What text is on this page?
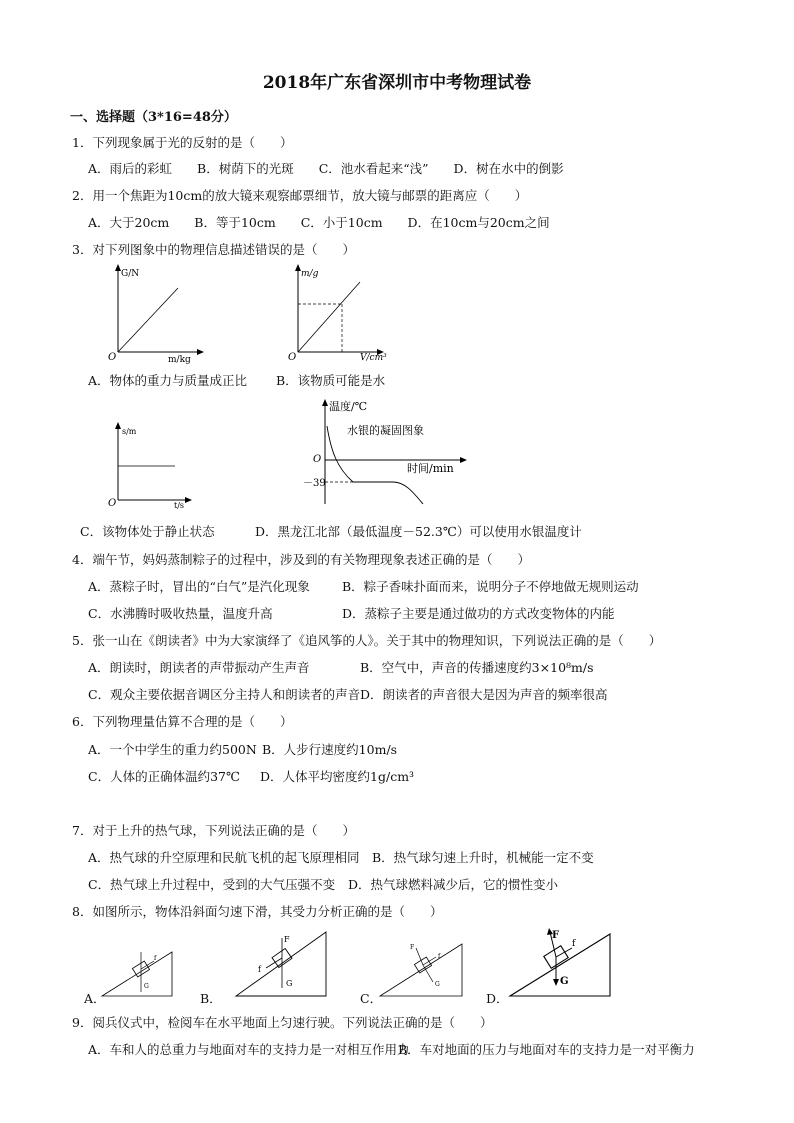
2018年广东省深圳市中考物理试卷
一、选择题（3*16=48分）
1．下列现象属于光的反射的是（　　）
A．雨后的彩虹　　B．树荫下的光斑　　C．池水看起来“浅”　　D．树在水中的倒影
2．用一个焦距为10cm的放大镜来观察邮票细节，放大镜与邮票的距离应（　　）
A．大于20cm　　B．等于10cm　　C．小于10cm　　D．在10cm与20cm之间
3．对下列图象中的物理信息描述错误的是（　　）
G/N
m/kg
O
m/g
V/cm³
O
A．物体的重力与质量成正比 B．该物质可能是水
s/m
t/s
O
温度/℃
水银的凝固图象
时间/min
O
－39
C．该物体处于静止状态	D．黑龙江北部（最低温度－52.3℃）可以使用水银温度计
4．端午节，妈妈蒸制粽子的过程中，涉及到的有关物理现象表述正确的是（　　）
A．蒸粽子时，冒出的“白气”是汽化现象	B．粽子香味扑面而来，说明分子不停地做无规则运动
C．水沸腾时吸收热量，温度升高	D．蒸粽子主要是通过做功的方式改变物体的内能
5．张一山在《朗读者》中为大家演绎了《追风筝的人》。关于其中的物理知识，下列说法正确的是（　　）
A．朗读时，朗读者的声带振动产生声音	B．空气中，声音的传播速度约3×10⁸m/s
C．观众主要依据音调区分主持人和朗读者的声音 D．朗读者的声音很大是因为声音的频率很高
6．下列物理量估算不合理的是（　　）
A．一个中学生的重力约500N B．人步行速度约10m/s
C．人体的正确体温约37℃ D．人体平均密度约1g/cm³
7．对于上升的热气球，下列说法正确的是（　　）
A．热气球的升空原理和民航飞机的起飞原理相同 B．热气球匀速上升时，机械能一定不变
C．热气球上升过程中，受到的大气压强不变 D．热气球燃料减少后，它的惯性变小
8．如图所示，物体沿斜面匀速下滑，其受力分析正确的是（　　）
A．
f
G
B．
f
G
F
C．
f
G
F
D．
F
G
f
9．阅兵仪式中，检阅车在水平地面上匀速行驶。下列说法正确的是（　　）
A．车和人的总重力与地面对车的支持力是一对相互作用力
B．车对地面的压力与地面对车的支持力是一对平衡力
